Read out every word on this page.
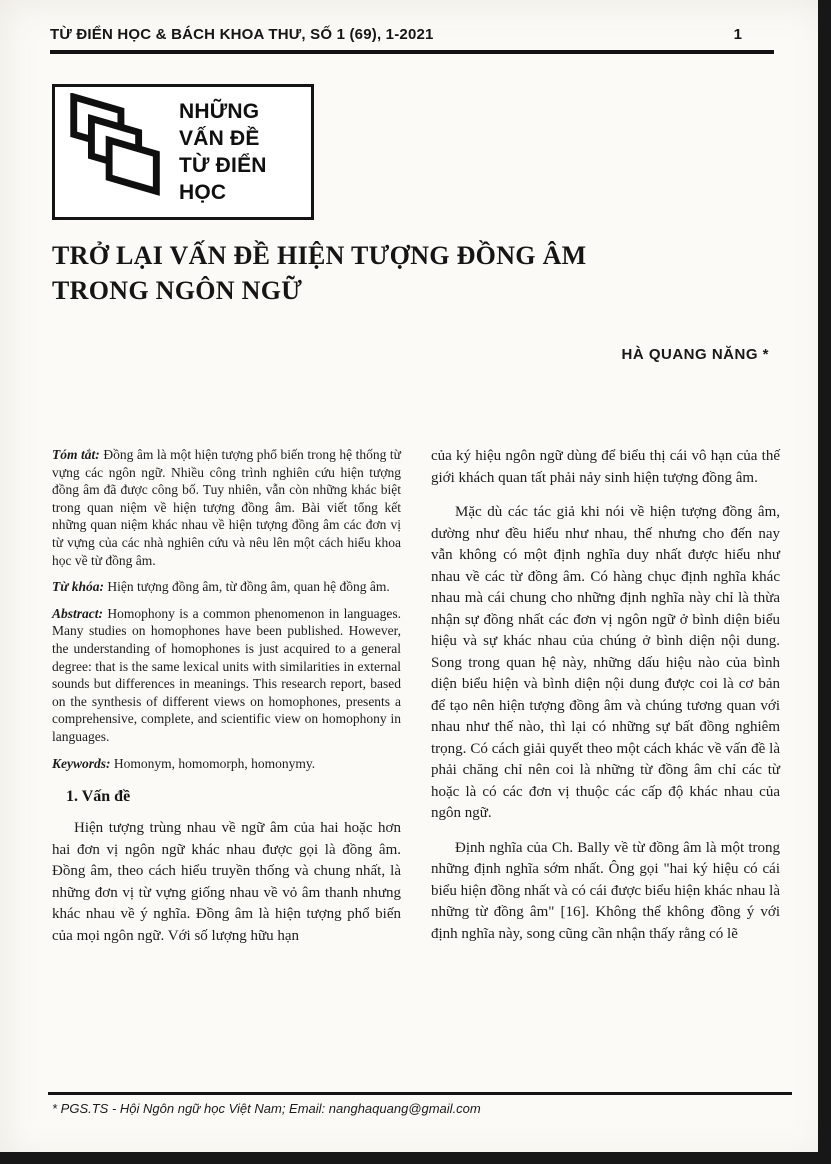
TỪ ĐIỂN HỌC & BÁCH KHOA THƯ, SỐ 1 (69), 1-2021	1
NHỮNG
VẤN ĐỀ
TỪ ĐIỂN
HỌC
TRỞ LẠI VẤN ĐỀ HIỆN TƯỢNG ĐỒNG ÂM
TRONG NGÔN NGỮ
HÀ QUANG NĂNG *

Tóm tắt: Đồng âm là một hiện tượng phổ biến trong hệ thống từ vựng các ngôn ngữ. Nhiều công trình nghiên cứu hiện tượng đồng âm đã được công bố. Tuy nhiên, vẫn còn những khác biệt trong quan niệm về hiện tượng đồng âm. Bài viết tổng kết những quan niệm khác nhau về hiện tượng đồng âm các đơn vị từ vựng của các nhà nghiên cứu và nêu lên một cách hiểu khoa học về từ đồng âm.

Từ khóa: Hiện tượng đồng âm, từ đồng âm, quan hệ đồng âm.

Abstract: Homophony is a common phenomenon in languages. Many studies on homophones have been published. However, the understanding of homophones is just acquired to a general degree: that is the same lexical units with similarities in external sounds but differences in meanings. This research report, based on the synthesis of different views on homophones, presents a comprehensive, complete, and scientific view on homophony in languages.

Keywords: Homonym, homomorph, homonymy.

1. Vấn đề

Hiện tượng trùng nhau về ngữ âm của hai hoặc hơn hai đơn vị ngôn ngữ khác nhau được gọi là đồng âm. Đồng âm, theo cách hiểu truyền thống và chung nhất, là những đơn vị từ vựng giống nhau về vỏ âm thanh nhưng khác nhau về ý nghĩa. Đồng âm là hiện tượng phổ biến của mọi ngôn ngữ. Với số lượng hữu hạn

của ký hiệu ngôn ngữ dùng để biểu thị cái vô hạn của thế giới khách quan tất phải nảy sinh hiện tượng đồng âm.

Mặc dù các tác giả khi nói về hiện tượng đồng âm, dường như đều hiểu như nhau, thế nhưng cho đến nay vẫn không có một định nghĩa duy nhất được hiểu như nhau về các từ đồng âm. Có hàng chục định nghĩa khác nhau mà cái chung cho những định nghĩa này chỉ là thừa nhận sự đồng nhất các đơn vị ngôn ngữ ở bình diện biểu hiệu và sự khác nhau của chúng ở bình diện nội dung. Song trong quan hệ này, những dấu hiệu nào của bình diện biểu hiện và bình diện nội dung được coi là cơ bản để tạo nên hiện tượng đồng âm và chúng tương quan với nhau như thế nào, thì lại có những sự bất đồng nghiêm trọng. Có cách giải quyết theo một cách khác về vấn đề là phải chăng chỉ nên coi là những từ đồng âm chỉ các từ hoặc là có các đơn vị thuộc các cấp độ khác nhau của ngôn ngữ.

Định nghĩa của Ch. Bally về từ đồng âm là một trong những định nghĩa sớm nhất. Ông gọi "hai ký hiệu có cái biểu hiện đồng nhất và có cái được biểu hiện khác nhau là những từ đồng âm" [16]. Không thể không đồng ý với định nghĩa này, song cũng cần nhận thấy rằng có lẽ

* PGS.TS - Hội Ngôn ngữ học Việt Nam; Email: nanghaquang@gmail.com
